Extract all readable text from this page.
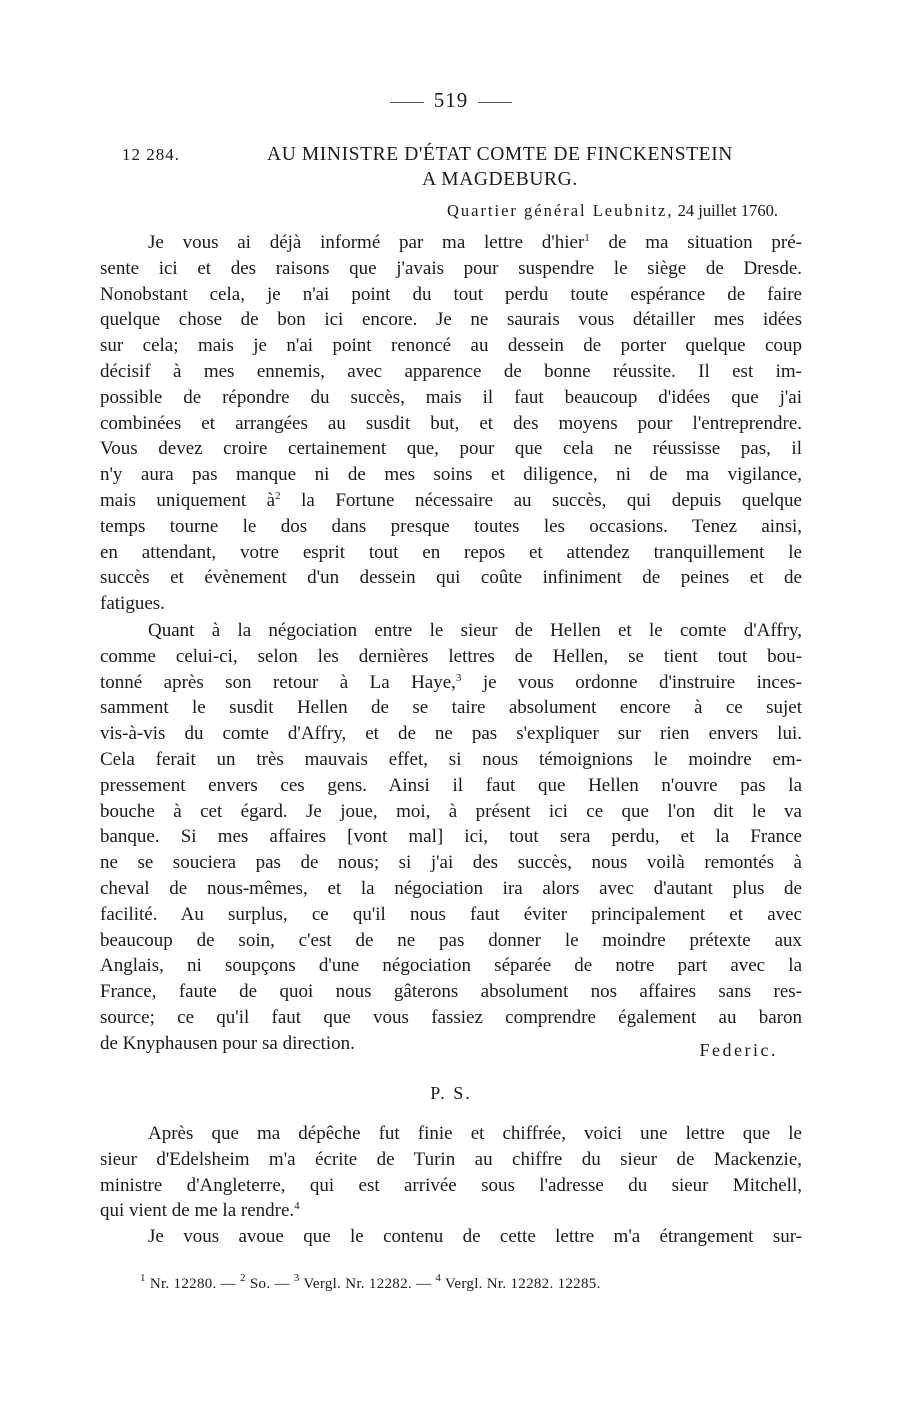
519
12 284.	AU MINISTRE D'ÉTAT COMTE DE FINCKENSTEIN
A MAGDEBURG.
Quartier général Leubnitz, 24 juillet 1760.
Je vous ai déjà informé par ma lettre d'hier$^1$ de ma situation pré-
sente ici et des raisons que j'avais pour suspendre le siège de Dresde.
Nonobstant cela, je n'ai point du tout perdu toute espérance de faire
quelque chose de bon ici encore. Je ne saurais vous détailler mes idées
sur cela; mais je n'ai point renoncé au dessein de porter quelque coup
décisif à mes ennemis, avec apparence de bonne réussite. Il est im-
possible de répondre du succès, mais il faut beaucoup d'idées que j'ai
combinées et arrangées au susdit but, et des moyens pour l'entreprendre.
Vous devez croire certainement que, pour que cela ne réussisse pas, il
n'y aura pas manque ni de mes soins et diligence, ni de ma vigilance,
mais uniquement $à^2$ la Fortune nécessaire au succès, qui depuis quelque
temps tourne le dos dans presque toutes les occasions. Tenez ainsi,
en attendant, votre esprit tout en repos et attendez tranquillement le
succès et évènement d'un dessein qui coûte infiniment de peines et de
fatigues.
Quant à la négociation entre le sieur de Hellen et le comte d'Affry,
comme celui-ci, selon les dernières lettres de Hellen, se tient tout bou-
tonné après son retour à La Haye,$^3$ je vous ordonne d'instruire inces-
samment le susdit Hellen de se taire absolument encore à ce sujet
vis-à-vis du comte d'Affry, et de ne pas s'expliquer sur rien envers lui.
Cela ferait un très mauvais effet, si nous témoignions le moindre em-
pressement envers ces gens. Ainsi il faut que Hellen n'ouvre pas la
bouche à cet égard. Je joue, moi, à présent ici ce que l'on dit le va
banque. Si mes affaires [vont mal] ici, tout sera perdu, et la France
ne se souciera pas de nous; si j'ai des succès, nous voilà remontés à
cheval de nous-mêmes, et la négociation ira alors avec d'autant plus de
facilité. Au surplus, ce qu'il nous faut éviter principalement et avec
beaucoup de soin, c'est de ne pas donner le moindre prétexte aux
Anglais, ni soupçons d'une négociation séparée de notre part avec la
France, faute de quoi nous gâterons absolument nos affaires sans res-
source; ce qu'il faut que vous fassiez comprendre également au baron
de Knyphausen pour sa direction.	Federic.
P. S.
Après que ma dépêche fut finie et chiffrée, voici une lettre que le
sieur d'Edelsheim m'a écrite de Turin au chiffre du sieur de Mackenzie,
ministre d'Angleterre, qui est arrivée sous l'adresse du sieur Mitchell,
qui vient de me la rendre.$^4$
Je vous avoue que le contenu de cette lettre m'a étrangement sur-
$^1$ Nr. 12280. — $^2$ So. — $^3$ Vergl. Nr. 12282. — $^4$ Vergl. Nr. 12282. 12285.
